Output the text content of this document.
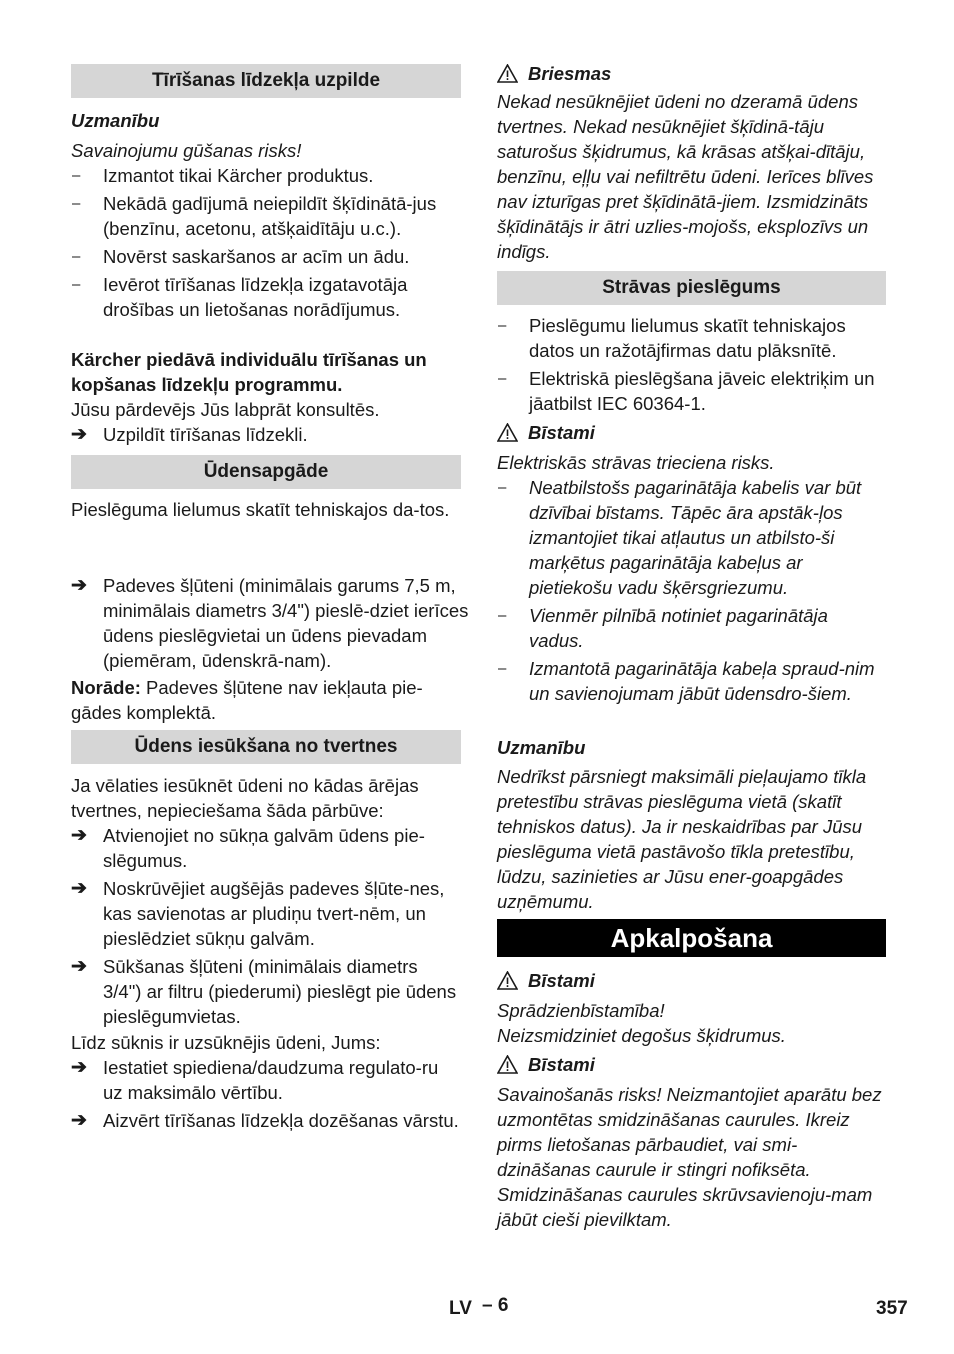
Tīrīšanas līdzekļa uzpilde
Uzmanību
Savainojumu gūšanas risks!
–	Izmantot tikai Kärcher produktus.
–	Nekādā gadījumā neiepildīt šķīdinātā-jus (benzīnu, acetonu, atšķaidītāju u.c.).
–	Novērst saskaršanos ar acīm un ādu.
–	Ievērot tīrīšanas līdzekļa izgatavotāja drošības un lietošanas norādījumus.
Kärcher piedāvā individuālu tīrīšanas un kopšanas līdzekļu programmu.
Jūsu pārdevējs Jūs labprāt konsultēs.
➔ Uzpildīt tīrīšanas līdzekli.
Ūdensapgāde
Pieslēguma lielumus skatīt tehniskajos da-tos.
➔ Padeves šļūteni (minimālais garums 7,5 m, minimālais diametrs 3/4") pieslē-dziet ierīces ūdens pieslēgvietai un ūdens pievadam (piemēram, ūdenskrā-nam).
Norāde: Padeves šļūtene nav iekļauta pie-gādes komplektā.
Ūdens iesūkšana no tvertnes
Ja vēlaties iesūknēt ūdeni no kādas ārējas tvertnes, nepieciešama šāda pārbūve:
➔ Atvienojiet no sūkņa galvām ūdens pie-slēgumus.
➔ Noskrūvējiet augšējās padeves šļūte-nes, kas savienotas ar pludiņu tvert-nēm, un pieslēdziet sūkņu galvām.
➔ Sūkšanas šļūteni (minimālais diametrs 3/4") ar filtru (piederumi) pieslēgt pie ūdens pieslēgumvietas.
Līdz sūknis ir uzsūknējis ūdeni, Jums:
➔ Iestatiet spiediena/daudzuma regulato-ru uz maksimālo vērtību.
➔ Aizvērt tīrīšanas līdzekļa dozēšanas vārstu.
Briesmas
Nekad nesūknējiet ūdeni no dzeramā ūdens tvertnes. Nekad nesūknējiet šķīdinā-tāju saturošus šķidrumus, kā krāsas atšķai-dītāju, benzīnu, eļļu vai nefiltrētu ūdeni. Ierīces blīves nav izturīgas pret šķīdinātā-jiem. Izsmidzināts šķīdinātājs ir ātri uzlies-mojošs, eksplozīvs un indīgs.
Strāvas pieslēgums
–	Pieslēgumu lielumus skatīt tehniskajos datos un ražotājfirmas datu plāksnītē.
–	Elektriskā pieslēgšana jāveic elektriķim un jāatbilst IEC 60364-1.
Bīstami
Elektriskās strāvas trieciena risks.
–	Neatbilstošs pagarinātāja kabelis var būt dzīvībai bīstams. Tāpēc āra apstāk-ļos izmantojiet tikai atļautus un atbilsto-ši marķētus pagarinātāja kabeļus ar pietiekošu vadu šķērsgriezumu.
–	Vienmēr pilnībā notiniet pagarinātāja vadus.
–	Izmantotā pagarinātāja kabeļa spraud-nim un savienojumam jābūt ūdensdro-šiem.
Uzmanību
Nedrīkst pārsniegt maksimāli pieļaujamo tīkla pretestību strāvas pieslēguma vietā (skatīt tehniskos datus). Ja ir neskaidrības par Jūsu pieslēguma vietā pastāvošo tīkla pretestību, lūdzu, sazinieties ar Jūsu ener-goapgādes uzņēmumu.
Apkalpošana
Bīstami
Sprādzienbīstamība!
Neizsmidziniet degošus šķidrumus.
Bīstami
Savainošanās risks! Neizmantojiet aparātu bez uzmontētas smidzināšanas caurules. Ikreiz pirms lietošanas pārbaudiet, vai smi-dzināšanas caurule ir stingri nofiksēta. Smidzināšanas caurules skrūvsavienoju-mam jābūt cieši pievilktam.
LV – 6	357
